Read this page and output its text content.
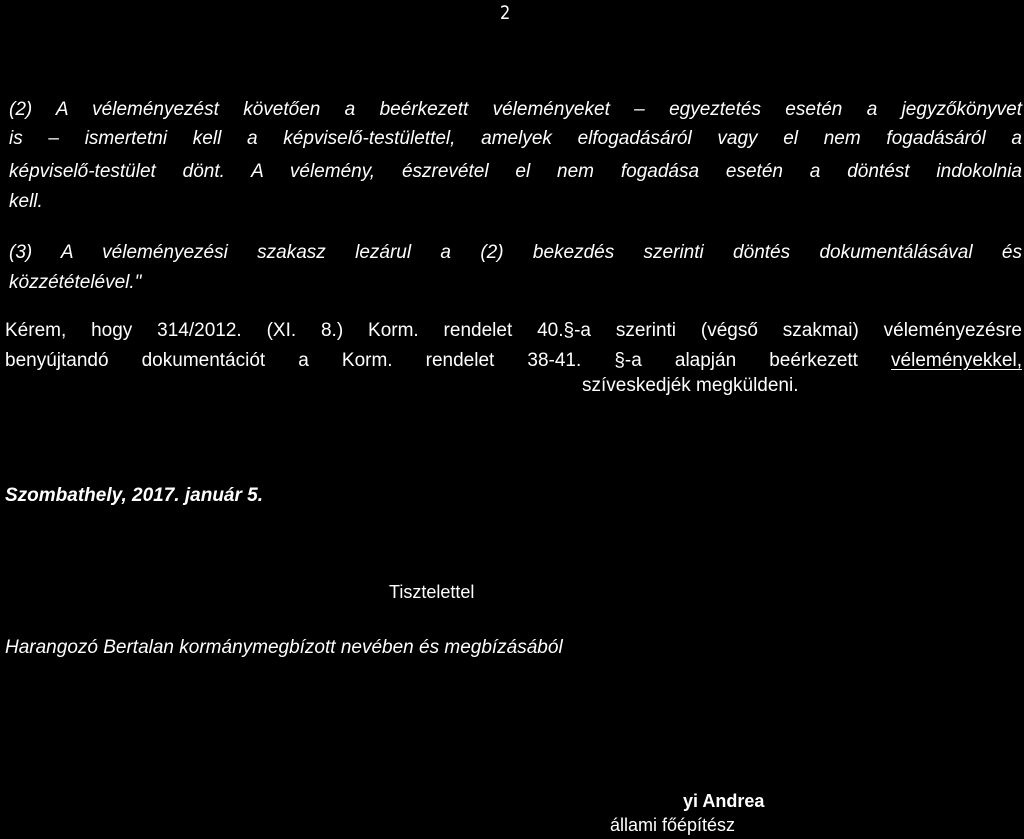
2
(2) A véleményezést követően a beérkezett véleményeket – egyeztetés esetén a jegyzőkönyvet
is – ismertetni kell a képviselő-testülettel, amelyek elfogadásáról vagy el nem fogadásáról a
képviselő-testület dönt. A vélemény, észrevétel el nem fogadása esetén a döntést indokolnia
kell.
(3) A véleményezési szakasz lezárul a (2) bekezdés szerinti döntés dokumentálásával és
közzétételével."
Kérem, hogy 314/2012. (XI. 8.) Korm. rendelet 40.§-a szerinti (végső szakmai) véleményezésre
benyújtandó dokumentációt a Korm. rendelet 38-41. §-a alapján beérkezett véleményekkel,
szíveskedjék megküldeni.
Szombathely, 2017. január 5.
Tisztelettel
Harangozó Bertalan kormánymegbízott nevében és megbízásából
yi Andrea
állami főépítész
